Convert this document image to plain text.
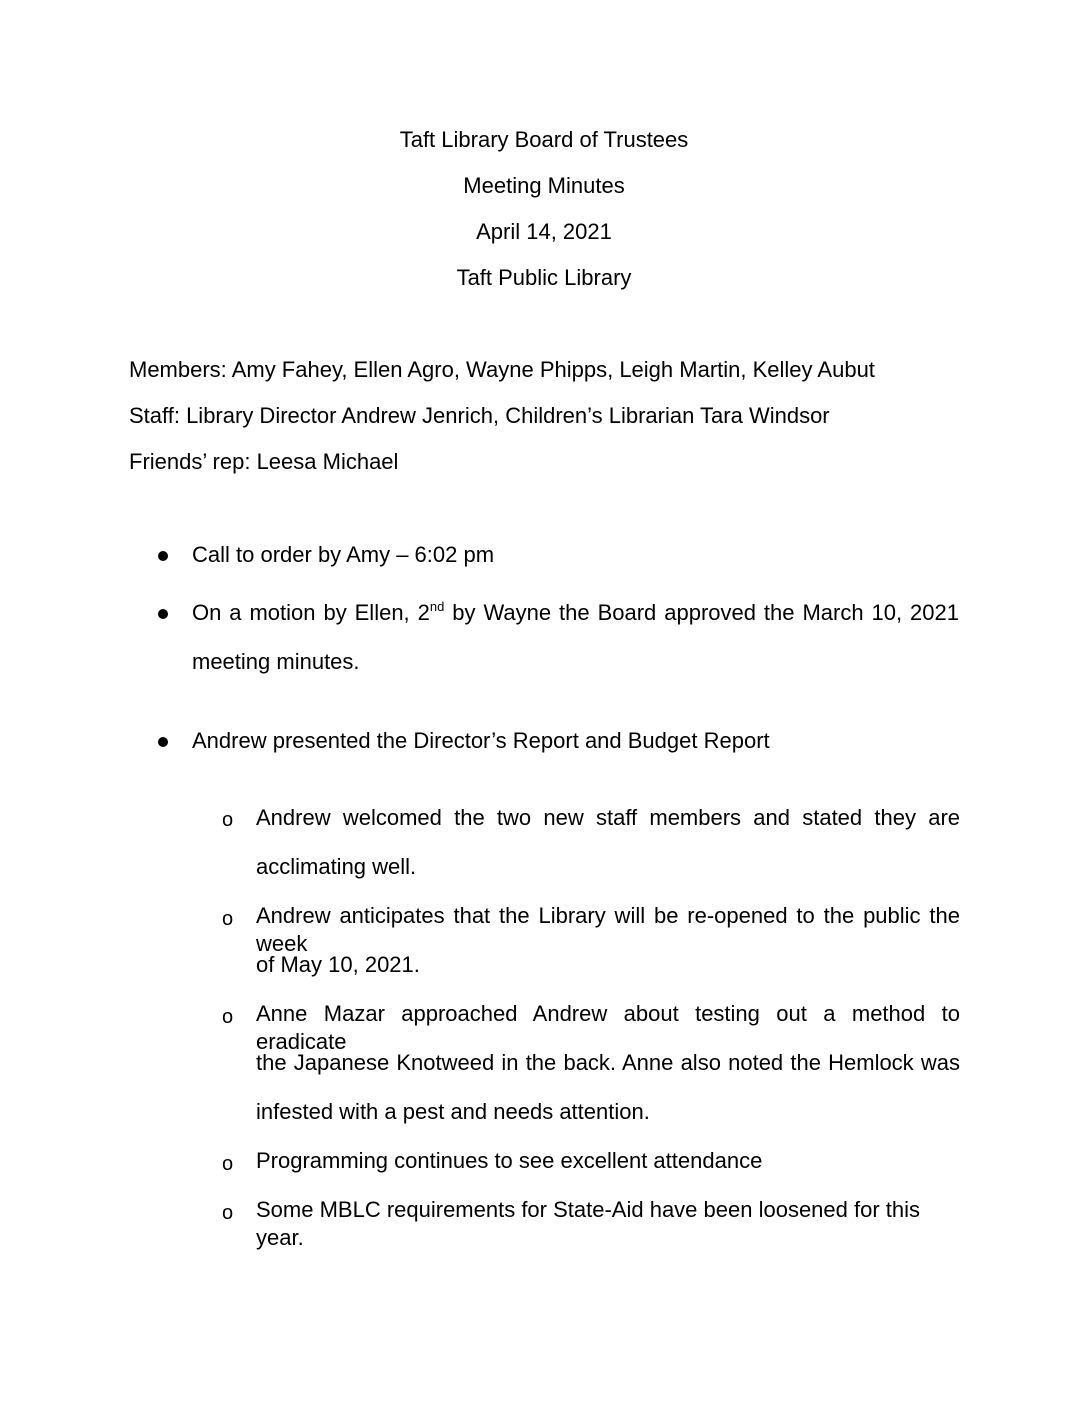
Taft Library Board of Trustees
Meeting Minutes
April 14, 2021
Taft Public Library
Members: Amy Fahey, Ellen Agro, Wayne Phipps, Leigh Martin, Kelley Aubut
Staff: Library Director Andrew Jenrich, Children’s Librarian Tara Windsor
Friends’ rep: Leesa Michael
Call to order by Amy – 6:02 pm
On a motion by Ellen, 2nd by Wayne the Board approved the March 10, 2021
meeting minutes.
Andrew presented the Director’s Report and Budget Report
o Andrew welcomed the two new staff members and stated they are
acclimating well.
o Andrew anticipates that the Library will be re-opened to the public the week
of May 10, 2021.
o Anne Mazar approached Andrew about testing out a method to eradicate
the Japanese Knotweed in the back. Anne also noted the Hemlock was
infested with a pest and needs attention.
o Programming continues to see excellent attendance
o Some MBLC requirements for State-Aid have been loosened for this year.
